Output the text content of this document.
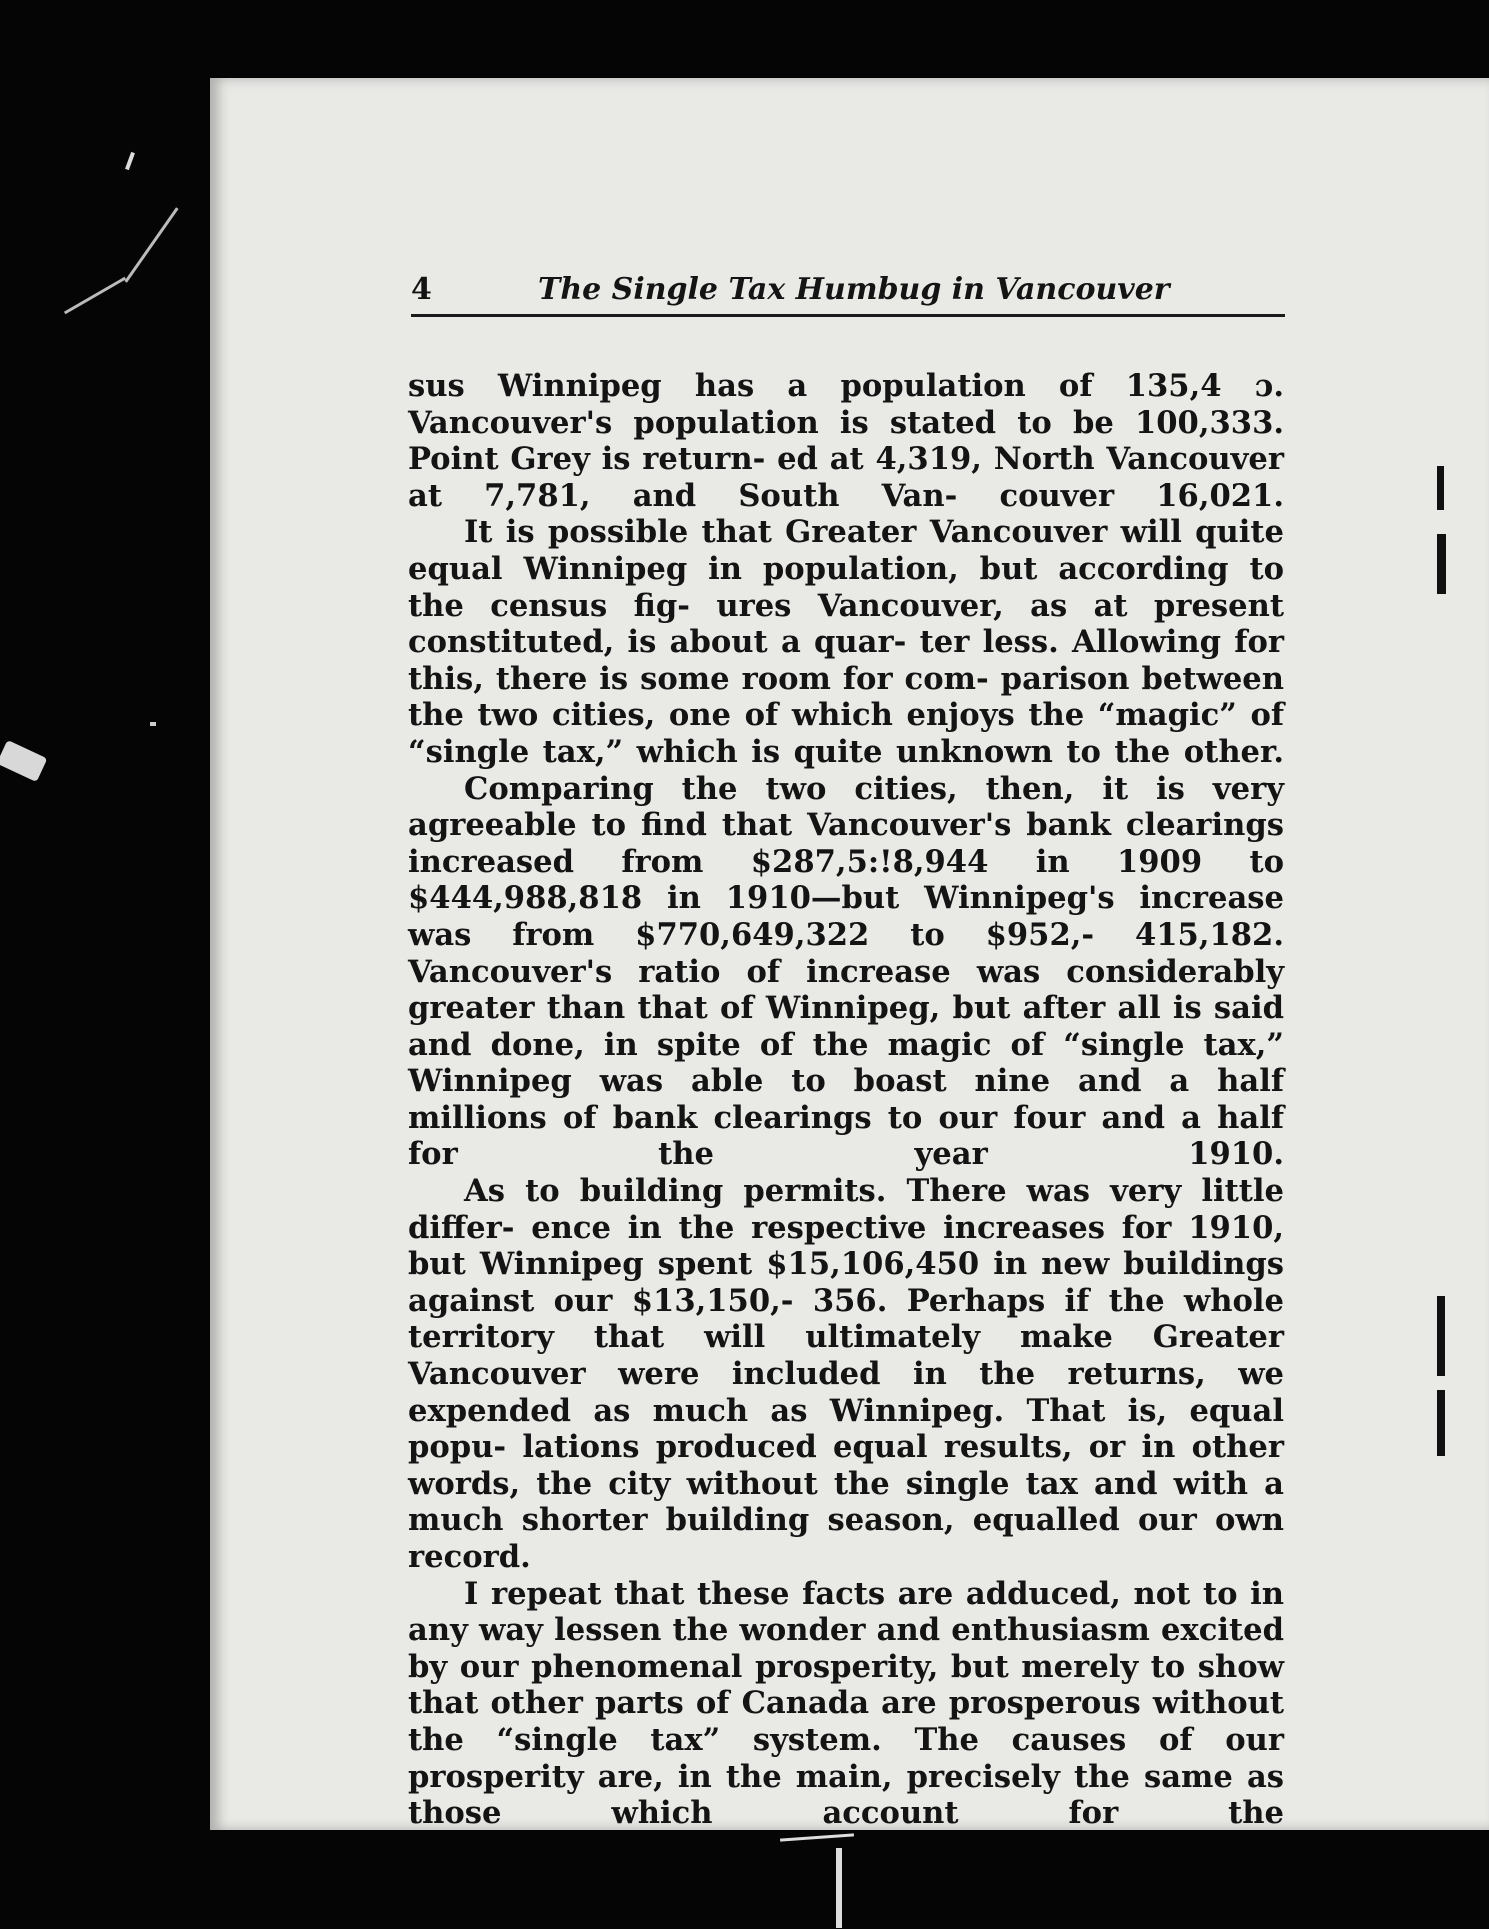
4	The Single Tax Humbug in Vancouver

sus Winnipeg has a population of 135,4 ɔ. Vancouver's population is stated to be 100,333. Point Grey is return- ed at 4,319, North Vancouver at 7,781, and South Van- couver 16,021.

It is possible that Greater Vancouver will quite equal Winnipeg in population, but according to the census fig- ures Vancouver, as at present constituted, is about a quar- ter less. Allowing for this, there is some room for com- parison between the two cities, one of which enjoys the “magic” of “single tax,” which is quite unknown to the other.

Comparing the two cities, then, it is very agreeable to find that Vancouver's bank clearings increased from $287,5:!8,944 in 1909 to $444,988,818 in 1910—but Winnipeg's increase was from $770,649,322 to $952,- 415,182. Vancouver's ratio of increase was considerably greater than that of Winnipeg, but after all is said and done, in spite of the magic of “single tax,” Winnipeg was able to boast nine and a half millions of bank clearings to our four and a half for the year 1910.

As to building permits. There was very little differ- ence in the respective increases for 1910, but Winnipeg spent $15,106,450 in new buildings against our $13,150,- 356. Perhaps if the whole territory that will ultimately make Greater Vancouver were included in the returns, we expended as much as Winnipeg. That is, equal popu- lations produced equal results, or in other words, the city without the single tax and with a much shorter building season, equalled our own record.

I repeat that these facts are adduced, not to in any way lessen the wonder and enthusiasm excited by our phenomenal prosperity, but merely to show that other parts of Canada are prosperous without the “single tax” system. The causes of our prosperity are, in the main, precisely the same as those which account for the
